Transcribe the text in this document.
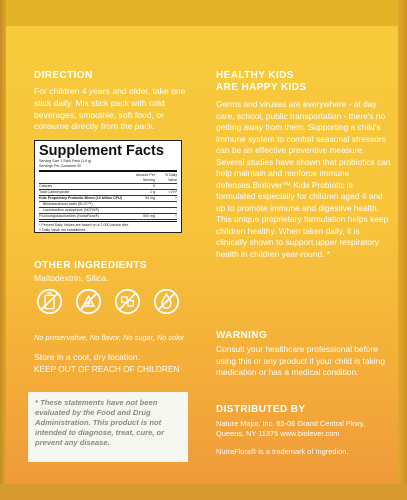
DIRECTION
For children 4 years and older, take one stick daily. Mix stick pack with cold beverages, smoothie, soft food, or consume directly from the pack.
Supplement Facts
Serving Size 1 Stick Pack (1.8 g)
Servings Per Container 30
Amount Per Serving
% Daily Value
Calories	5
Total Carbohydrate	1 g	<1%*
Kids Proprietary Probiotic Blend (10 billion CFU)	54 mg	†
Bifidobacterium lactis (BI-07™)
Lactobacillus acidophilus (NCFM®)
Fructooligosaccharides (NutraFlora®)	500 mg	†
* Percent Daily Values are based on a 2,000 calorie diet.
† Daily Value not established.
OTHER INGREDIENTS
Maltodextrin, Silica.
No preservative, No flavor, No sugar, No color
Store in a cool, dry location.
KEEP OUT OF REACH OF CHILDREN

* These statements have not been evaluated by the Food and Drug Administration. This product is not intended to diagnose, treat, cure, or prevent any disease.

HEALTHY KIDS
ARE HAPPY KIDS
Germs and viruses are everywhere - at day care, school, public transportation - there's no getting away from them. Supporting a child's immune system to combat seasonal stressors can be an effective preventive measure. Several studies have shown that probiotics can help maintain and reinforce immune defenses.Biolever™ Kids Probiotic is formulated especially for children aged 4 and up to promote immune and digestive health. This unique proprietary formulation helps keep children healthy. When taken daily, it is clinically shown to support upper respiratory health in children year-round. *
WARNING
Consult your healthcare professional before using this or any product if your child is taking medication or has a medical condition.
DISTRIBUTED BY
Nature Major, Inc. 65-06 Grand Central Pkwy, Queens, NY 11375 www.biolever.com
NutraFlora® is a trademark of Ingredion.
